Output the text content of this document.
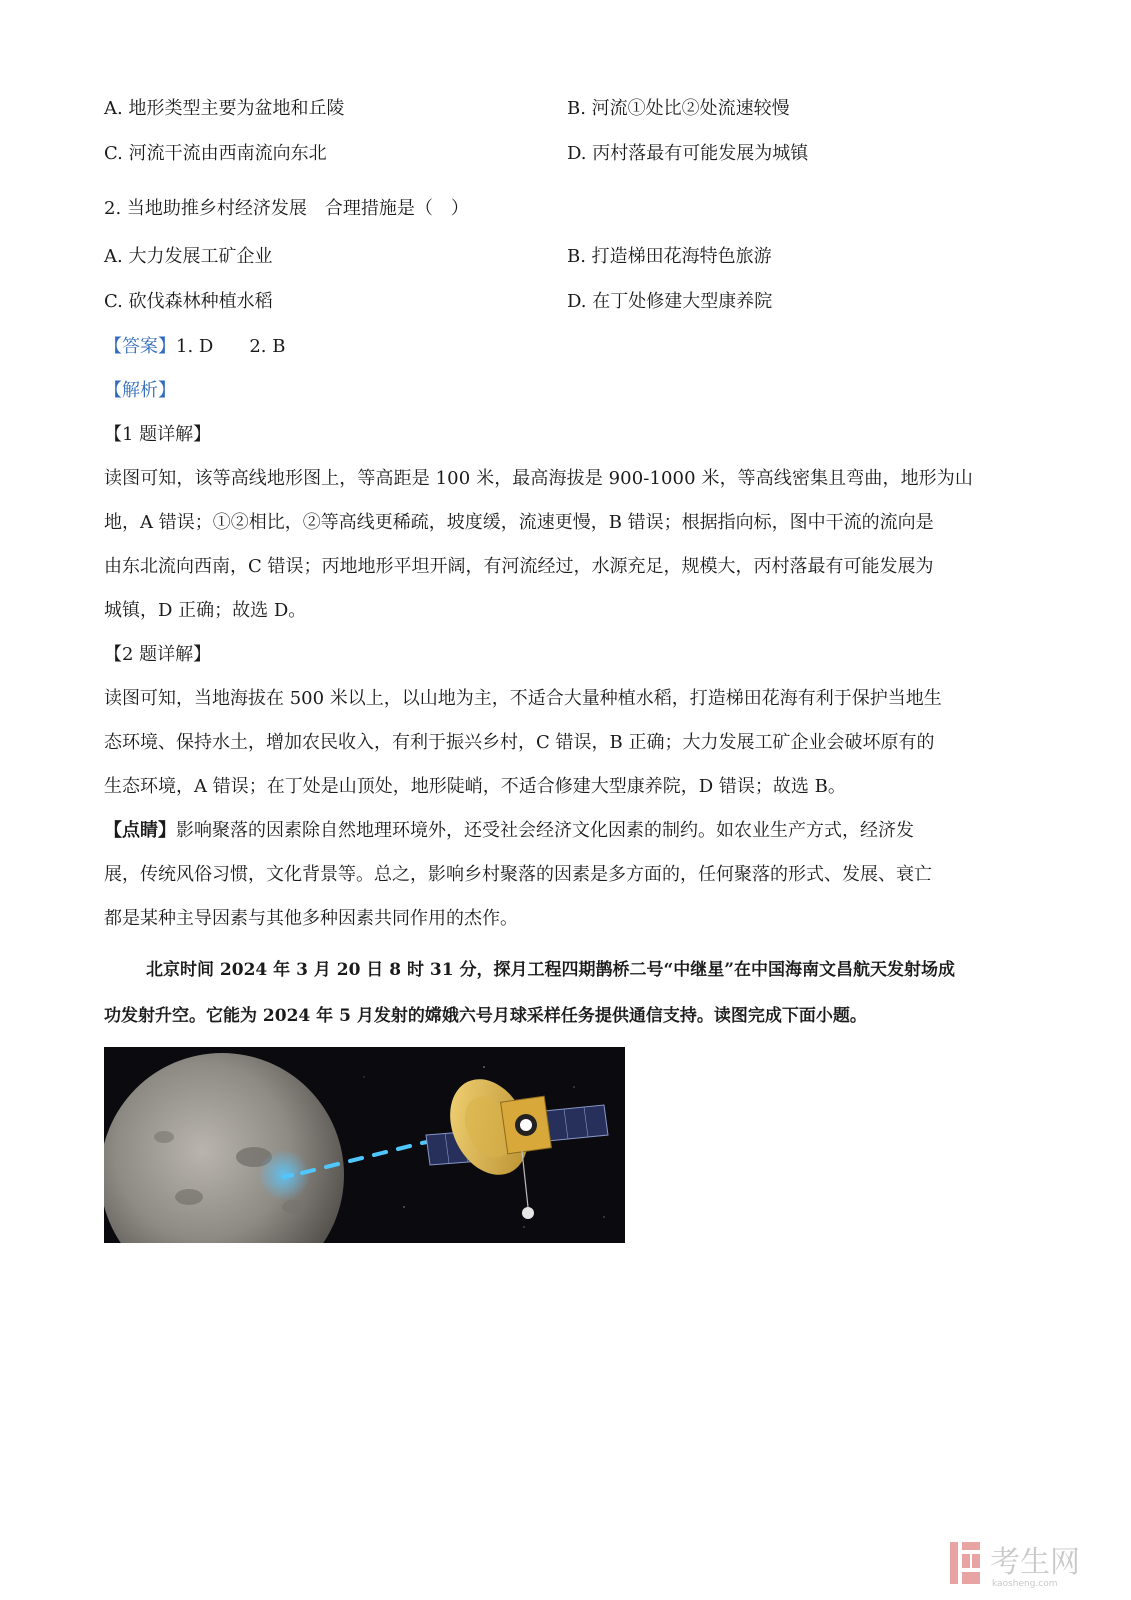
A. 地形类型主要为盆地和丘陵	B. 河流①处比②处流速较慢

C. 河流干流由西南流向东北	D. 丙村落最有可能发展为城镇

2. 当地助推乡村经济发展　合理措施是（　）

A. 大力发展工矿企业	B. 打造梯田花海特色旅游

C. 砍伐森林种植水稻	D. 在丁处修建大型康养院

【答案】1. D　　2. B

【解析】

【1 题详解】

读图可知，该等高线地形图上，等高距是 100 米，最高海拔是 900-1000 米，等高线密集且弯曲，地形为山

地，A 错误；①②相比，②等高线更稀疏，坡度缓，流速更慢，B 错误；根据指向标，图中干流的流向是

由东北流向西南，C 错误；丙地地形平坦开阔，有河流经过，水源充足，规模大，丙村落最有可能发展为

城镇，D 正确；故选 D。

【2 题详解】

读图可知，当地海拔在 500 米以上，以山地为主，不适合大量种植水稻，打造梯田花海有利于保护当地生

态环境、保持水土，增加农民收入，有利于振兴乡村，C 错误，B 正确；大力发展工矿企业会破坏原有的

生态环境，A 错误；在丁处是山顶处，地形陡峭，不适合修建大型康养院，D 错误；故选 B。

【点睛】影响聚落的因素除自然地理环境外，还受社会经济文化因素的制约。如农业生产方式，经济发

展，传统风俗习惯，文化背景等。总之，影响乡村聚落的因素是多方面的，任何聚落的形式、发展、衰亡

都是某种主导因素与其他多种因素共同作用的杰作。

北京时间 2024 年 3 月 20 日 8 时 31 分，探月工程四期鹊桥二号“中继星”在中国海南文昌航天发射场成

功发射升空。它能为 2024 年 5 月发射的嫦娥六号月球采样任务提供通信支持。读图完成下面小题。

考生网
kaosheng.com
